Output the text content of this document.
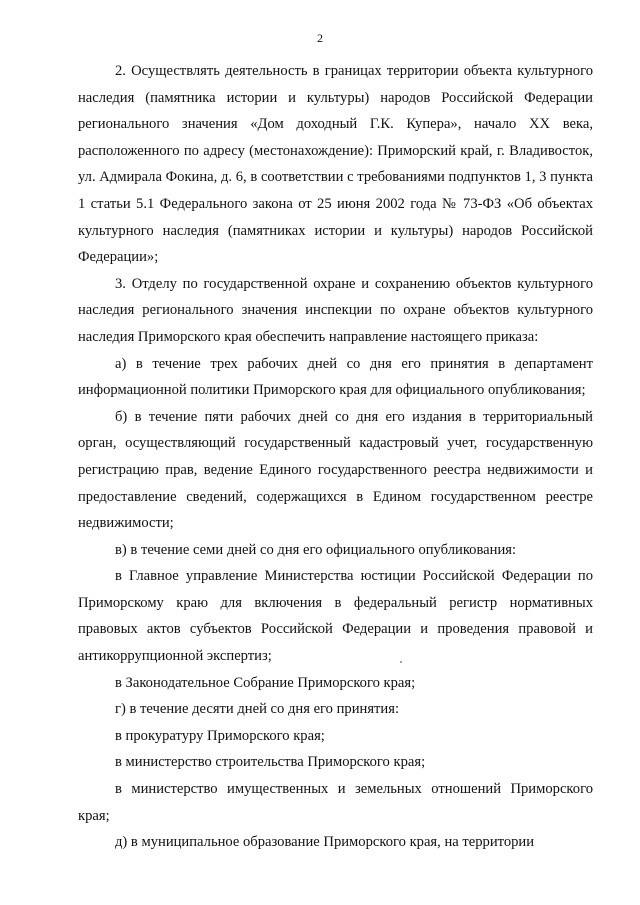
2

2. Осуществлять деятельность в границах территории объекта культурного наследия (памятника истории и культуры) народов Российской Федерации регионального значения «Дом доходный Г.К. Купера», начало XX века, расположенного по адресу (местонахождение): Приморский край, г. Владивосток, ул. Адмирала Фокина, д. 6, в соответствии с требованиями подпунктов 1, 3 пункта 1 статьи 5.1 Федерального закона от 25 июня 2002 года № 73-ФЗ «Об объектах культурного наследия (памятниках истории и культуры) народов Российской Федерации»;

3. Отделу по государственной охране и сохранению объектов культурного наследия регионального значения инспекции по охране объектов культурного наследия Приморского края обеспечить направление настоящего приказа:

а) в течение трех рабочих дней со дня его принятия в департамент информационной политики Приморского края для официального опубликования;

б) в течение пяти рабочих дней со дня его издания в территориальный орган, осуществляющий государственный кадастровый учет, государственную регистрацию прав, ведение Единого государственного реестра недвижимости и предоставление сведений, содержащихся в Едином государственном реестре недвижимости;

в) в течение семи дней со дня его официального опубликования:

в Главное управление Министерства юстиции Российской Федерации по Приморскому краю для включения в федеральный регистр нормативных правовых актов субъектов Российской Федерации и проведения правовой и антикоррупционной экспертиз;

в Законодательное Собрание Приморского края;

г) в течение десяти дней со дня его принятия:

в прокуратуру Приморского края;

в министерство строительства Приморского края;

в министерство имущественных и земельных отношений Приморского края;

д) в муниципальное образование Приморского края, на территории
